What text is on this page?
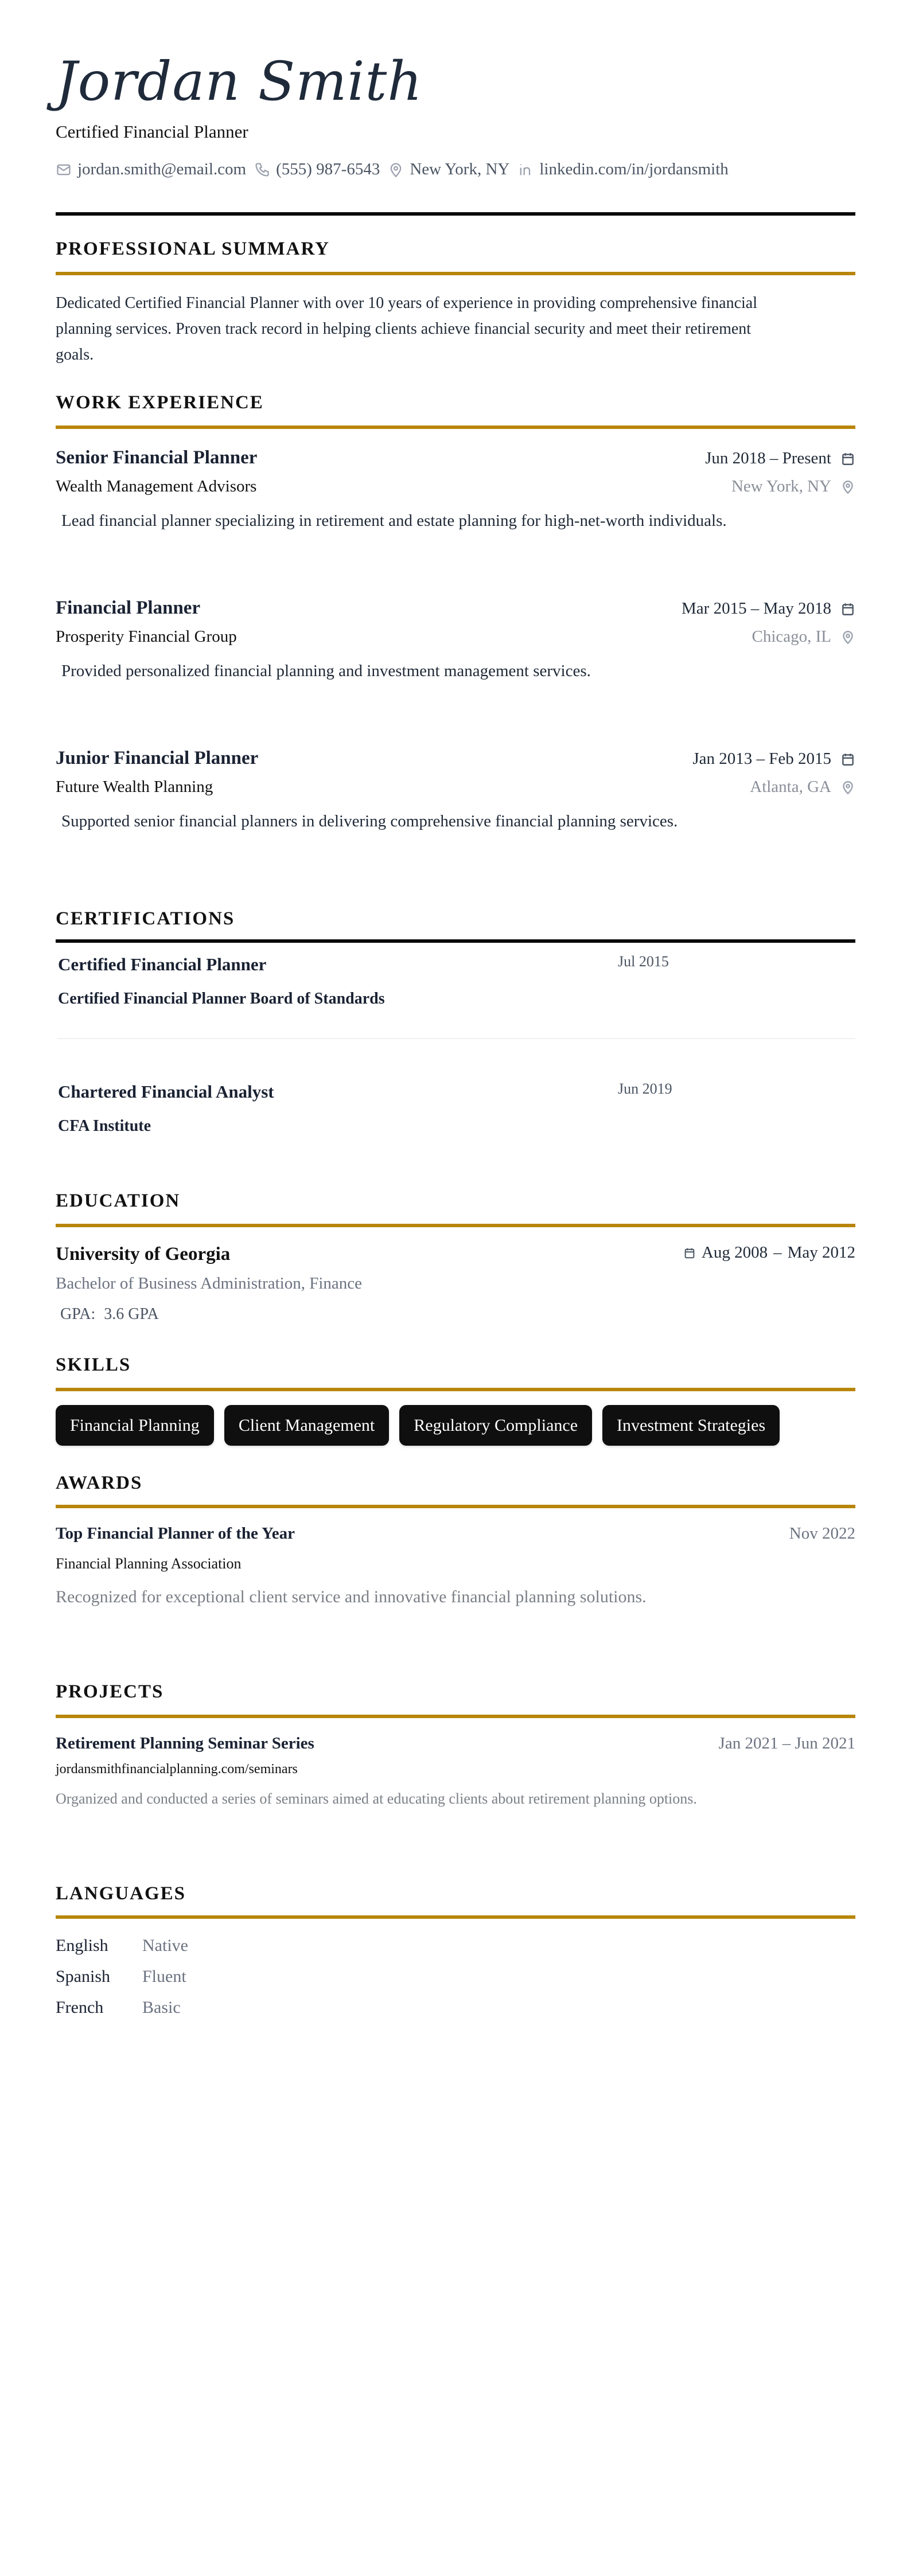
Jordan Smith
Certified Financial Planner
jordan.smith@email.com (555) 987-6543 New York, NY linkedin.com/in/jordansmith
PROFESSIONAL SUMMARY
Dedicated Certified Financial Planner with over 10 years of experience in providing comprehensive financial
planning services. Proven track record in helping clients achieve financial security and meet their retirement
goals.
WORK EXPERIENCE
Senior Financial Planner	Jun 2018 – Present
Wealth Management Advisors	New York, NY
Lead financial planner specializing in retirement and estate planning for high-net-worth individuals.
Financial Planner	Mar 2015 – May 2018
Prosperity Financial Group	Chicago, IL
Provided personalized financial planning and investment management services.
Junior Financial Planner	Jan 2013 – Feb 2015
Future Wealth Planning	Atlanta, GA
Supported senior financial planners in delivering comprehensive financial planning services.
CERTIFICATIONS
Certified Financial Planner	Jul 2015
Certified Financial Planner Board of Standards
Chartered Financial Analyst	Jun 2019
CFA Institute
EDUCATION
University of Georgia	Aug 2008 – May 2012
Bachelor of Business Administration, Finance
GPA: 3.6 GPA
SKILLS
Financial Planning	Client Management	Regulatory Compliance	Investment Strategies
AWARDS
Top Financial Planner of the Year	Nov 2022
Financial Planning Association
Recognized for exceptional client service and innovative financial planning solutions.
PROJECTS
Retirement Planning Seminar Series	Jan 2021 – Jun 2021
jordansmithfinancialplanning.com/seminars
Organized and conducted a series of seminars aimed at educating clients about retirement planning options.
LANGUAGES
English	Native
Spanish	Fluent
French	Basic
